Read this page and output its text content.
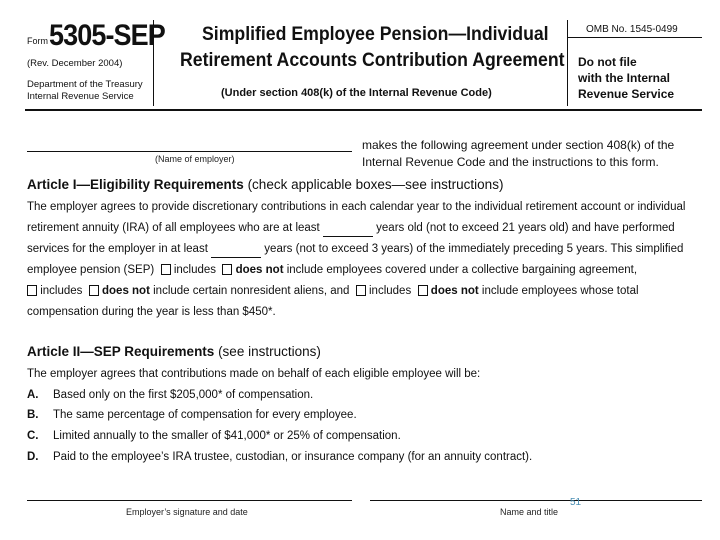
Form 5305-SEP
(Rev. December 2004)
Department of the Treasury
Internal Revenue Service
Simplified Employee Pension—Individual
Retirement Accounts Contribution Agreement
(Under section 408(k) of the Internal Revenue Code)
OMB No. 1545-0499
Do not file
with the Internal
Revenue Service
(Name of employer)
makes the following agreement under section 408(k) of the
Internal Revenue Code and the instructions to this form.
Article I—Eligibility Requirements (check applicable boxes—see instructions)
The employer agrees to provide discretionary contributions in each calendar year to the individual retirement account or individual
retirement annuity (IRA) of all employees who are at least	years old (not to exceed 21 years old) and have performed
services for the employer in at least	years (not to exceed 3 years) of the immediately preceding 5 years. This simplified
employee pension (SEP) includes does not include employees covered under a collective bargaining agreement,
includes does not include certain nonresident aliens, and includes does not include employees whose total
compensation during the year is less than $450*.
Article II—SEP Requirements (see instructions)
The employer agrees that contributions made on behalf of each eligible employee will be:
A. Based only on the first $205,000* of compensation.
B. The same percentage of compensation for every employee.
C. Limited annually to the smaller of $41,000* or 25% of compensation.
D. Paid to the employee’s IRA trustee, custodian, or insurance company (for an annuity contract).
Employer’s signature and date	Name and title
51
